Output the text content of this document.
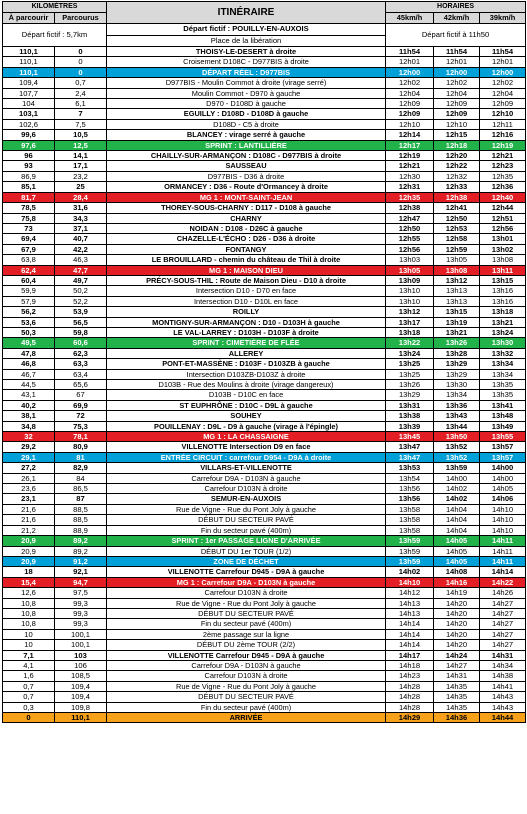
KILOMÈTRES		ITINÉRAIRE	HORAIRES		
À parcourir	Parcourus		45km/h	42km/h	39km/h
Départ fictif : 5,7km		Départ fictif : POUILLY-EN-AUXOIS	Départ fictif à 11h50		
		Place de la libération			
110,1	0	THOISY-LE-DESERT à droite	11h54	11h54	11h54
110,1	0	Croisement D108C - D977BIS à droite	12h01	12h01	12h01
110,1	0	DÉPART RÉEL : D977BIS	12h00	12h00	12h00
109,4	0,7	D977BIS - Moulin Commot à droite (virage serré)	12h02	12h02	12h02
107,7	2,4	Moulin Commot - D970 à gauche	12h04	12h04	12h04
104	6,1	D970 - D108D à gauche	12h09	12h09	12h09
103,1	7	EGUILLY : D108D - D108D à gauche	12h09	12h09	12h10
102,6	7,5	D108D - C5 à droite	12h10	12h10	12h11
99,6	10,5	BLANCEY : virage serré à gauche	12h14	12h15	12h16
97,6	12,5	SPRINT : LANTILLIÈRE	12h17	12h18	12h19
96	14,1	CHAILLY-SUR-ARMANÇON : D108C - D977BIS à droite	12h19	12h20	12h21
93	17,1	SAUSSEAU	12h21	12h22	12h23
86,9	23,2	D977BIS - D36 à droite	12h30	12h32	12h35
85,1	25	ORMANCEY : D36 - Route d'Ormancey à droite	12h31	12h33	12h36
81,7	28,4	MG 1 : MONT-SAINT-JEAN	12h35	12h38	12h40
78,5	31,6	THOREY-SOUS-CHARNY : D117 - D108 à gauche	12h38	12h41	12h44
75,8	34,3	CHARNY	12h47	12h50	12h51
73	37,1	NOIDAN : D108 - D26C à gauche	12h50	12h53	12h56
69,4	40,7	CHAZELLE-L'ÉCHO : D26 - D36 à droite	12h55	12h58	13h01
67,9	42,2	FONTANGY	12h56	12h59	13h02
63,8	46,3	LE BROUILLARD - chemin du château de Thil à droite	13h03	13h05	13h08
62,4	47,7	MG 1 : MAISON DIEU	13h05	13h08	13h11
60,4	49,7	PRÉCY-SOUS-THIL : Route de Maison Dieu - D10 à droite	13h09	13h12	13h15
59,9	50,2	Intersection D10 - D70 en face	13h10	13h13	13h16
57,9	52,2	Intersection D10 - D10L en face	13h10	13h13	13h16
56,2	53,9	ROILLY	13h12	13h15	13h18
53,6	56,5	MONTIGNY-SUR-ARMANÇON : D10 - D103H à gauche	13h17	13h19	13h21
50,3	59,8	LE VAL-LARREY : D103H - D103F à droite	13h18	13h21	13h24
49,5	60,6	SPRINT : CIMETIÈRE DE FLÉE	13h22	13h26	13h30
47,8	62,3	ALLEREY	13h24	13h28	13h32
46,8	63,3	PONT-ET-MASSÈNE : D103F - D103ZB à gauche	13h25	13h29	13h34
46,7	63,4	Intersection D103ZB-D103Z à droite	13h25	13h29	13h34
44,5	65,6	D103B - Rue des Moulins à droite (virage dangereux)	13h26	13h30	13h35
43,1	67	D103B - D10C en face	13h29	13h34	13h35
40,2	69,9	ST EUPHRÔNE : D10C - D9L à gauche	13h31	13h36	13h41
38,1	72	SOUHEY	13h38	13h43	13h48
34,8	75,3	POUILLENAY : D9L - D9 à gauche (virage à l'épingle)	13h39	13h44	13h49
32	78,1	MG 1 : LA CHASSAIGNE	13h45	13h50	13h55
29,2	80,9	VILLENOTTE Intersection D9 en face	13h47	13h52	13h57
29,1	81	ENTRÉE CIRCUIT : carrefour D954 - D9A à droite	13h47	13h52	13h57
27,2	82,9	VILLARS-ET-VILLENOTTE	13h53	13h59	14h00
26,1	84	Carrefour D9A - D103N à gauche	13h54	14h00	14h00
23,6	86,5	Carrefour D103N à droite	13h56	14h02	14h05
23,1	87	SEMUR-EN-AUXOIS	13h56	14h02	14h06
21,6	88,5	Rue de Vigne - Rue du Pont Joly à gauche	13h58	14h04	14h10
21,6	88,5	DÉBUT DU SECTEUR PAVÉ	13h58	14h04	14h10
21,2	88,9	Fin du secteur pavé (400m)	13h58	14h04	14h10
20,9	89,2	SPRINT : 1er PASSAGE LIGNE D'ARRIVÉE	13h59	14h05	14h11
20,9	89,2	DÉBUT DU 1er TOUR (1/2)	13h59	14h05	14h11
20,9	91,2	ZONE DE DÉCHET	13h59	14h05	14h11
18	92,1	VILLENOTTE Carrefour D945 - D9A à gauche	14h02	14h08	14h14
15,4	94,7	MG 1 : Carrefour D9A - D103N à gauche	14h10	14h16	14h22
12,6	97,5	Carrefour D103N à droite	14h12	14h19	14h26
10,8	99,3	Rue de Vigne - Rue du Pont Joly à gauche	14h13	14h20	14h27
10,8	99,3	DÉBUT DU SECTEUR PAVÉ	14h13	14h20	14h27
10,8	99,3	Fin du secteur pavé (400m)	14h14	14h20	14h27
10	100,1	2ème passage sur la ligne	14h14	14h20	14h27
10	100,1	DÉBUT DU 2ème TOUR (2/2)	14h14	14h20	14h27
7,1	103	VILLENOTTE Carrefour D945 - D9A à gauche	14h17	14h24	14h31
4,1	106	Carrefour D9A - D103N à gauche	14h18	14h27	14h34
1,6	108,5	Carrefour D103N à droite	14h23	14h31	14h38
0,7	109,4	Rue de Vigne - Rue du Pont Joly à gauche	14h28	14h35	14h41
0,7	109,4	DÉBUT DU SECTEUR PAVÉ	14h28	14h35	14h43
0,3	109,8	Fin du secteur pavé (400m)	14h28	14h35	14h43
0	110,1	ARRIVÉE	14h29	14h36	14h44
